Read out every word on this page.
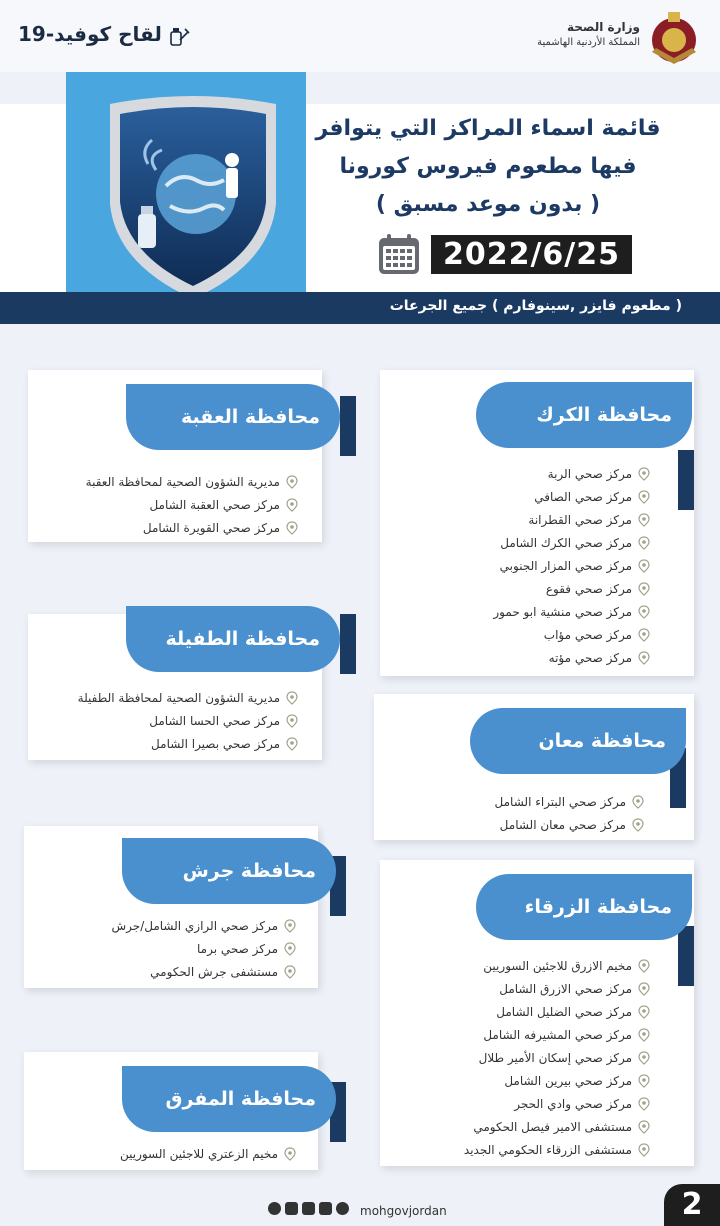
وزارة الصحة
المملكة الأردنية الهاشمية
لقاح كوفيد-19
قائمة اسماء المراكز التي يتوافر
فيها مطعوم فيروس كورونا
( بدون موعد مسبق )
2022/6/25
( مطعوم فايزر ,سينوفارم ) جميع الجرعات
محافظة الكرك
مركز صحي الربة
مركز صحي الصافي
مركز صحي القطرانة
مركز صحي الكرك الشامل
مركز صحي المزار الجنوبي
مركز صحي فقوع
مركز صحي منشية ابو حمور
مركز صحي مؤاب
مركز صحي مؤته
محافظة العقبة
مديرية الشؤون الصحية لمحافظة العقبة
مركز صحي العقبة الشامل
مركز صحي القويرة الشامل
محافظة الطفيلة
مديرية الشؤون الصحية لمحافظة الطفيلة
مركز صحي الحسا الشامل
مركز صحي بصيرا الشامل	محافظة معان
مركز صحي البتراء الشامل
مركز صحي معان الشامل
محافظة جرش
مركز صحي الرازي الشامل/جرش
مركز صحي برما
مستشفى جرش الحكومي
محافظة الزرقاء
مخيم الازرق للاجئين السوريين
مركز صحي الازرق الشامل
مركز صحي الضليل الشامل
مركز صحي المشيرفه الشامل
مركز صحي إسكان الأمير طلال
مركز صحي بيرين الشامل
مركز صحي وادي الحجر
مستشفى الامير فيصل الحكومي
مستشفى الزرقاء الحكومي الجديد
محافظة المفرق
مخيم الزعتري للاجئين السوريين
mohgovjordan	2
